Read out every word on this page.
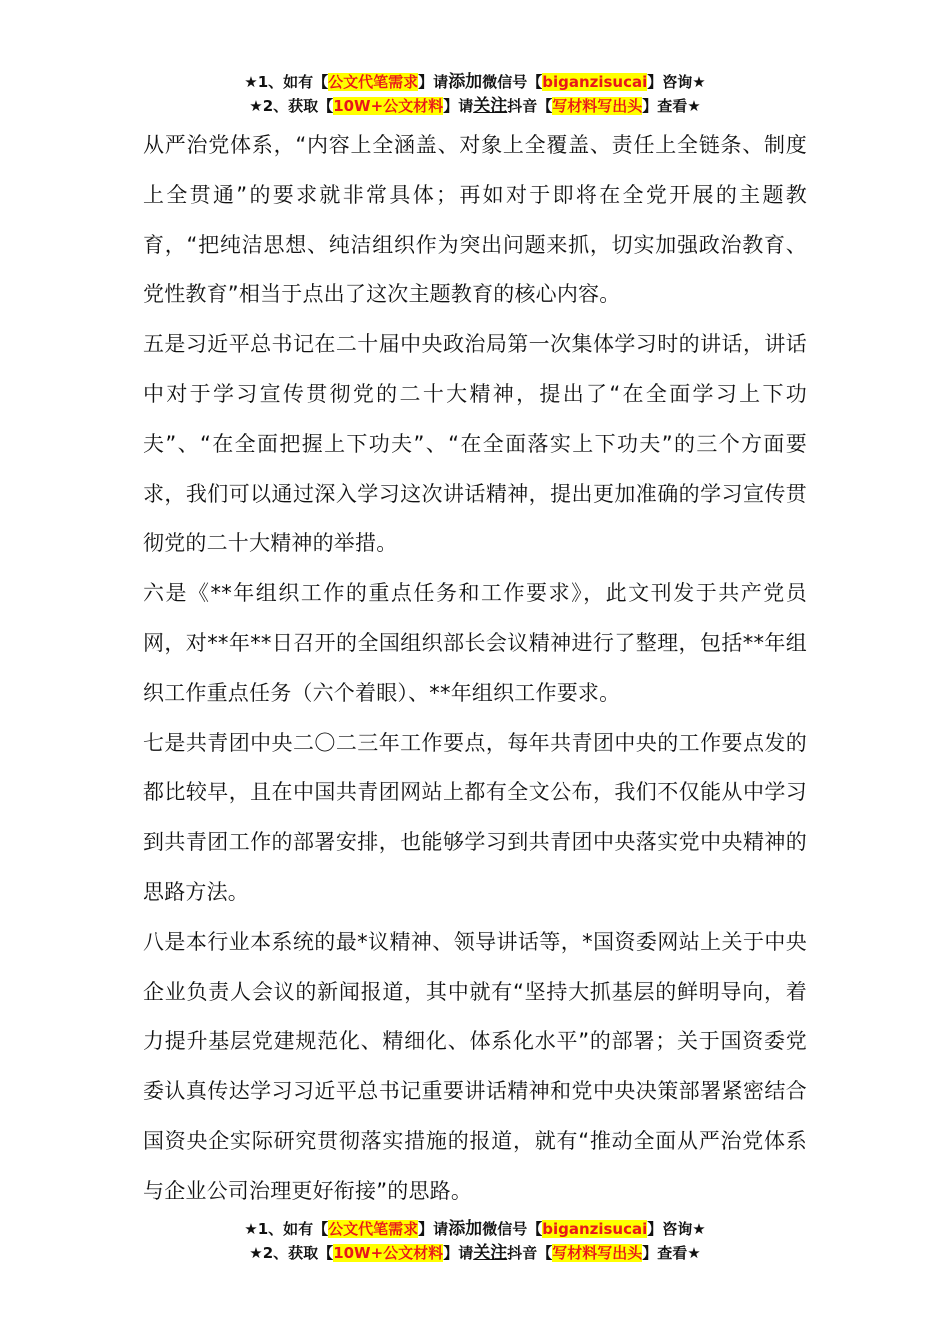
★1、如有【公文代笔需求】请添加微信号【biganzisucai】咨询★
★2、获取【10W+公文材料】请关注抖音【写材料写出头】查看★

从严治党体系，“内容上全涵盖、对象上全覆盖、责任上全链条、制度上全贯通”的要求就非常具体；再如对于即将在全党开展的主题教育，“把纯洁思想、纯洁组织作为突出问题来抓，切实加强政治教育、党性教育”相当于点出了这次主题教育的核心内容。

五是习近平总书记在二十届中央政治局第一次集体学习时的讲话，讲话中对于学习宣传贯彻党的二十大精神，提出了“在全面学习上下功夫”、“在全面把握上下功夫”、“在全面落实上下功夫”的三个方面要求，我们可以通过深入学习这次讲话精神，提出更加准确的学习宣传贯彻党的二十大精神的举措。

六是《**年组织工作的重点任务和工作要求》，此文刊发于共产党员网，对**年**日召开的全国组织部长会议精神进行了整理，包括**年组织工作重点任务（六个着眼）、**年组织工作要求。

七是共青团中央二〇二三年工作要点，每年共青团中央的工作要点发的都比较早，且在中国共青团网站上都有全文公布，我们不仅能从中学习到共青团工作的部署安排，也能够学习到共青团中央落实党中央精神的思路方法。

八是本行业本系统的最*议精神、领导讲话等，*国资委网站上关于中央企业负责人会议的新闻报道，其中就有“坚持大抓基层的鲜明导向，着力提升基层党建规范化、精细化、体系化水平”的部署；关于国资委党委认真传达学习习近平总书记重要讲话精神和党中央决策部署紧密结合国资央企实际研究贯彻落实措施的报道，就有“推动全面从严治党体系与企业公司治理更好衔接”的思路。

★1、如有【公文代笔需求】请添加微信号【biganzisucai】咨询★
★2、获取【10W+公文材料】请关注抖音【写材料写出头】查看★
